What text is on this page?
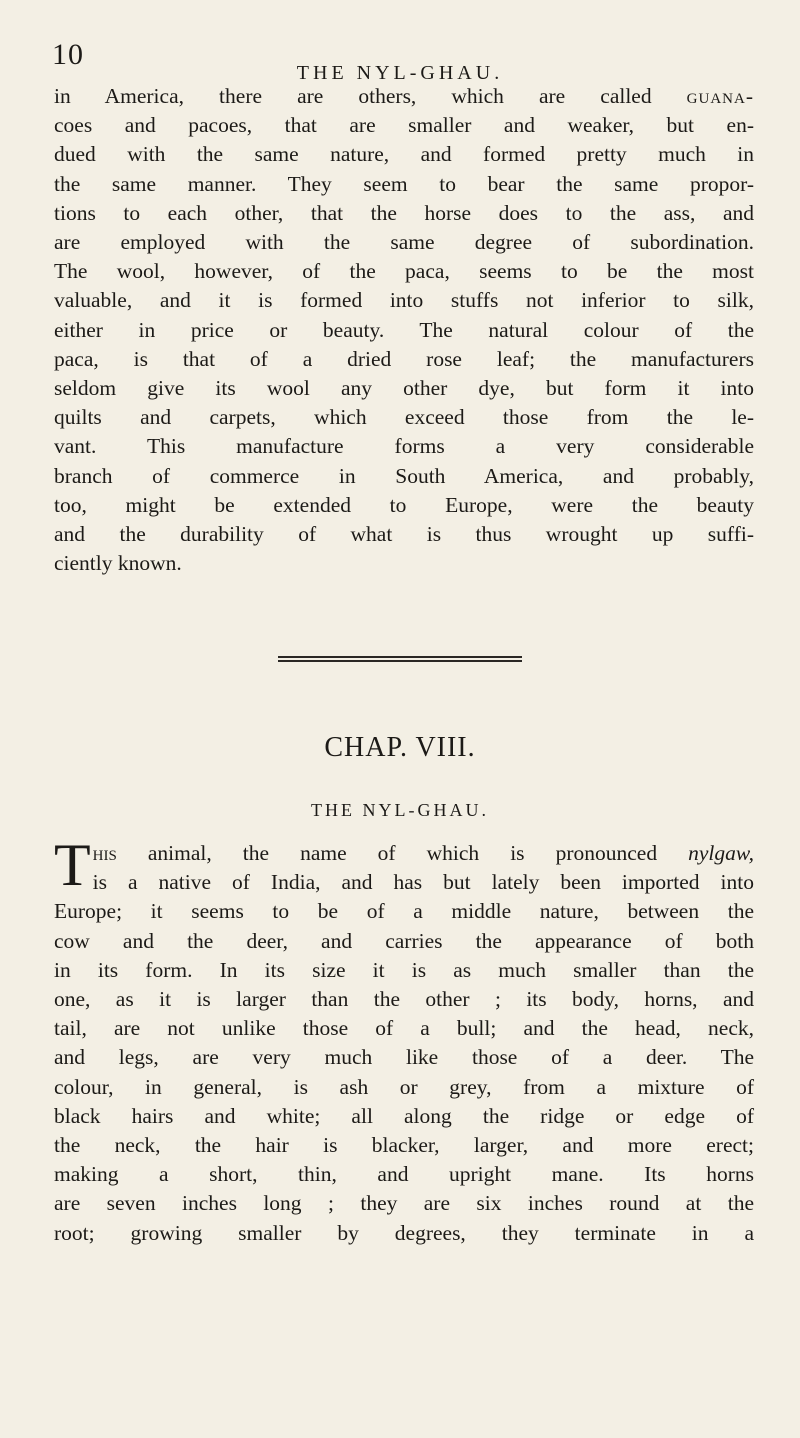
10
THE NYL-GHAU.
in America, there are others, which are called guana-
coes and pacoes, that are smaller and weaker, but en-
dued with the same nature, and formed pretty much in
the same manner. They seem to bear the same propor-
tions to each other, that the horse does to the ass, and
are employed with the same degree of subordination.
The wool, however, of the paca, seems to be the most
valuable, and it is formed into stuffs not inferior to silk,
either in price or beauty. The natural colour of the
paca, is that of a dried rose leaf; the manufacturers
seldom give its wool any other dye, but form it into
quilts and carpets, which exceed those from the le-
vant. This manufacture forms a very considerable
branch of commerce in South America, and probably,
too, might be extended to Europe, were the beauty
and the durability of what is thus wrought up suffi-
ciently known.
CHAP. VIII.
THE NYL-GHAU.
T his animal, the name of which is pronounced nylgaw,
is a native of India, and has but lately been imported into
Europe; it seems to be of a middle nature, between the
cow and the deer, and carries the appearance of both
in its form. In its size it is as much smaller than the
one, as it is larger than the other ; its body, horns, and
tail, are not unlike those of a bull; and the head, neck,
and legs, are very much like those of a deer. The
colour, in general, is ash or grey, from a mixture of
black hairs and white; all along the ridge or edge of
the neck, the hair is blacker, larger, and more erect;
making a short, thin, and upright mane. Its horns
are seven inches long ; they are six inches round at the
root; growing smaller by degrees, they terminate in a
